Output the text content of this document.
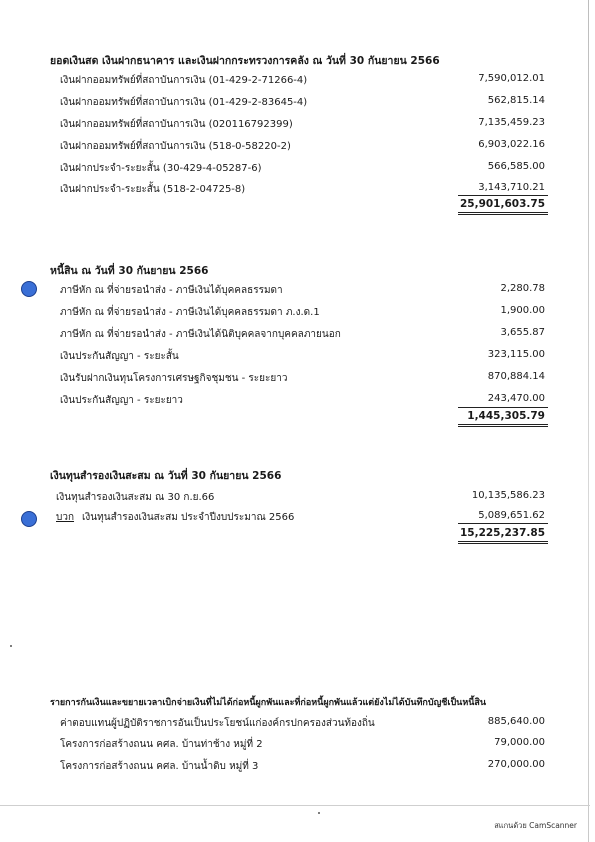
ยอดเงินสด เงินฝากธนาคาร และเงินฝากกระทรวงการคลัง ณ วันที่ 30 กันยายน 2566
เงินฝากออมทรัพย์ที่สถาบันการเงิน (01-429-2-71266-4)	7,590,012.01
เงินฝากออมทรัพย์ที่สถาบันการเงิน (01-429-2-83645-4)	562,815.14
เงินฝากออมทรัพย์ที่สถาบันการเงิน (020116792399)	7,135,459.23
เงินฝากออมทรัพย์ที่สถาบันการเงิน (518-0-58220-2)	6,903,022.16
เงินฝากประจำ-ระยะสั้น (30-429-4-05287-6)	566,585.00
เงินฝากประจำ-ระยะสั้น (518-2-04725-8)	3,143,710.21
25,901,603.75
หนี้สิน ณ วันที่ 30 กันยายน 2566
ภาษีหัก ณ ที่จ่ายรอนำส่ง - ภาษีเงินได้บุคคลธรรมดา	2,280.78
ภาษีหัก ณ ที่จ่ายรอนำส่ง - ภาษีเงินได้บุคคลธรรมดา ภ.ง.ด.1	1,900.00
ภาษีหัก ณ ที่จ่ายรอนำส่ง - ภาษีเงินได้นิติบุคคลจากบุคคลภายนอก	3,655.87
เงินประกันสัญญา - ระยะสั้น	323,115.00
เงินรับฝากเงินทุนโครงการเศรษฐกิจชุมชน - ระยะยาว	870,884.14
เงินประกันสัญญา - ระยะยาว	243,470.00
1,445,305.79
เงินทุนสำรองเงินสะสม ณ วันที่ 30 กันยายน 2566
เงินทุนสำรองเงินสะสม ณ 30 ก.ย.66	10,135,586.23
บวก เงินทุนสำรองเงินสะสม ประจำปีงบประมาณ 2566	5,089,651.62
15,225,237.85
รายการกันเงินและขยายเวลาเบิกจ่ายเงินที่ไม่ได้ก่อหนี้ผูกพันและที่ก่อหนี้ผูกพันแล้วแต่ยังไม่ได้บันทึกบัญชีเป็นหนี้สิน
ค่าตอบแทนผู้ปฏิบัติราชการอันเป็นประโยชน์แก่องค์กรปกครองส่วนท้องถิ่น	885,640.00
โครงการก่อสร้างถนน คศล. บ้านท่าช้าง หมู่ที่ 2	79,000.00
โครงการก่อสร้างถนน คศล. บ้านน้ำดิบ หมู่ที่ 3	270,000.00
สแกนด้วย CamScanner
